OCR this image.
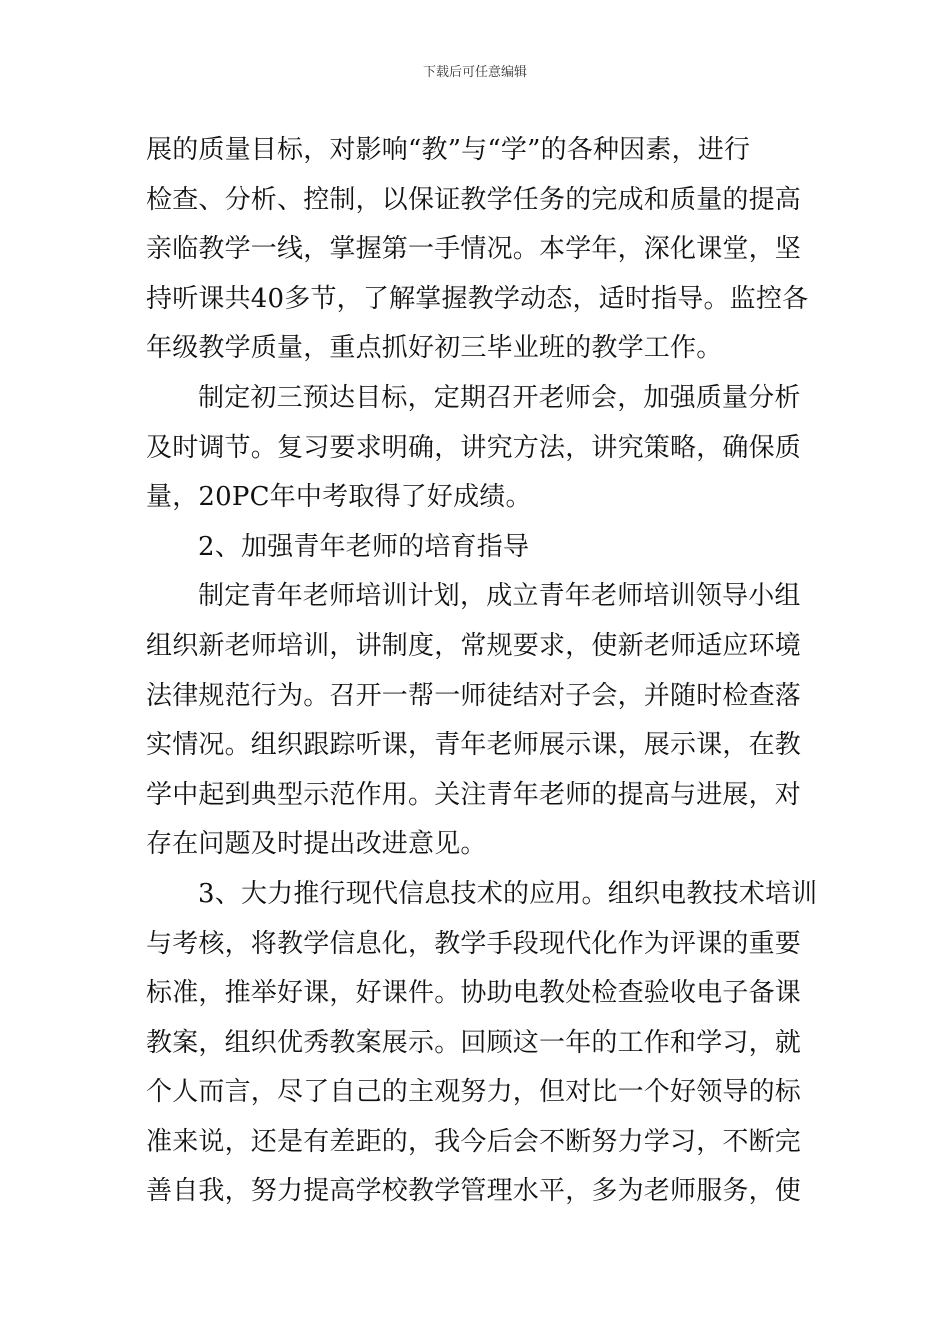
下载后可任意编辑
展的质量目标，对影响“教”与“学”的各种因素，进行
检查、分析、控制，以保证教学任务的完成和质量的提高
亲临教学一线，掌握第一手情况。本学年，深化课堂，坚
持听课共40多节，了解掌握教学动态，适时指导。监控各
年级教学质量，重点抓好初三毕业班的教学工作。
制定初三预达目标，定期召开老师会，加强质量分析
及时调节。复习要求明确，讲究方法，讲究策略，确保质
量，20PC年中考取得了好成绩。
2、加强青年老师的培育指导
制定青年老师培训计划，成立青年老师培训领导小组
组织新老师培训，讲制度，常规要求，使新老师适应环境
法律规范行为。召开一帮一师徒结对子会，并随时检查落
实情况。组织跟踪听课，青年老师展示课，展示课，在教
学中起到典型示范作用。关注青年老师的提高与进展，对
存在问题及时提出改进意见。
3、大力推行现代信息技术的应用。组织电教技术培训
与考核，将教学信息化，教学手段现代化作为评课的重要
标准，推举好课，好课件。协助电教处检查验收电子备课
教案，组织优秀教案展示。回顾这一年的工作和学习，就
个人而言，尽了自己的主观努力，但对比一个好领导的标
准来说，还是有差距的，我今后会不断努力学习，不断完
善自我，努力提高学校教学管理水平，多为老师服务，使
